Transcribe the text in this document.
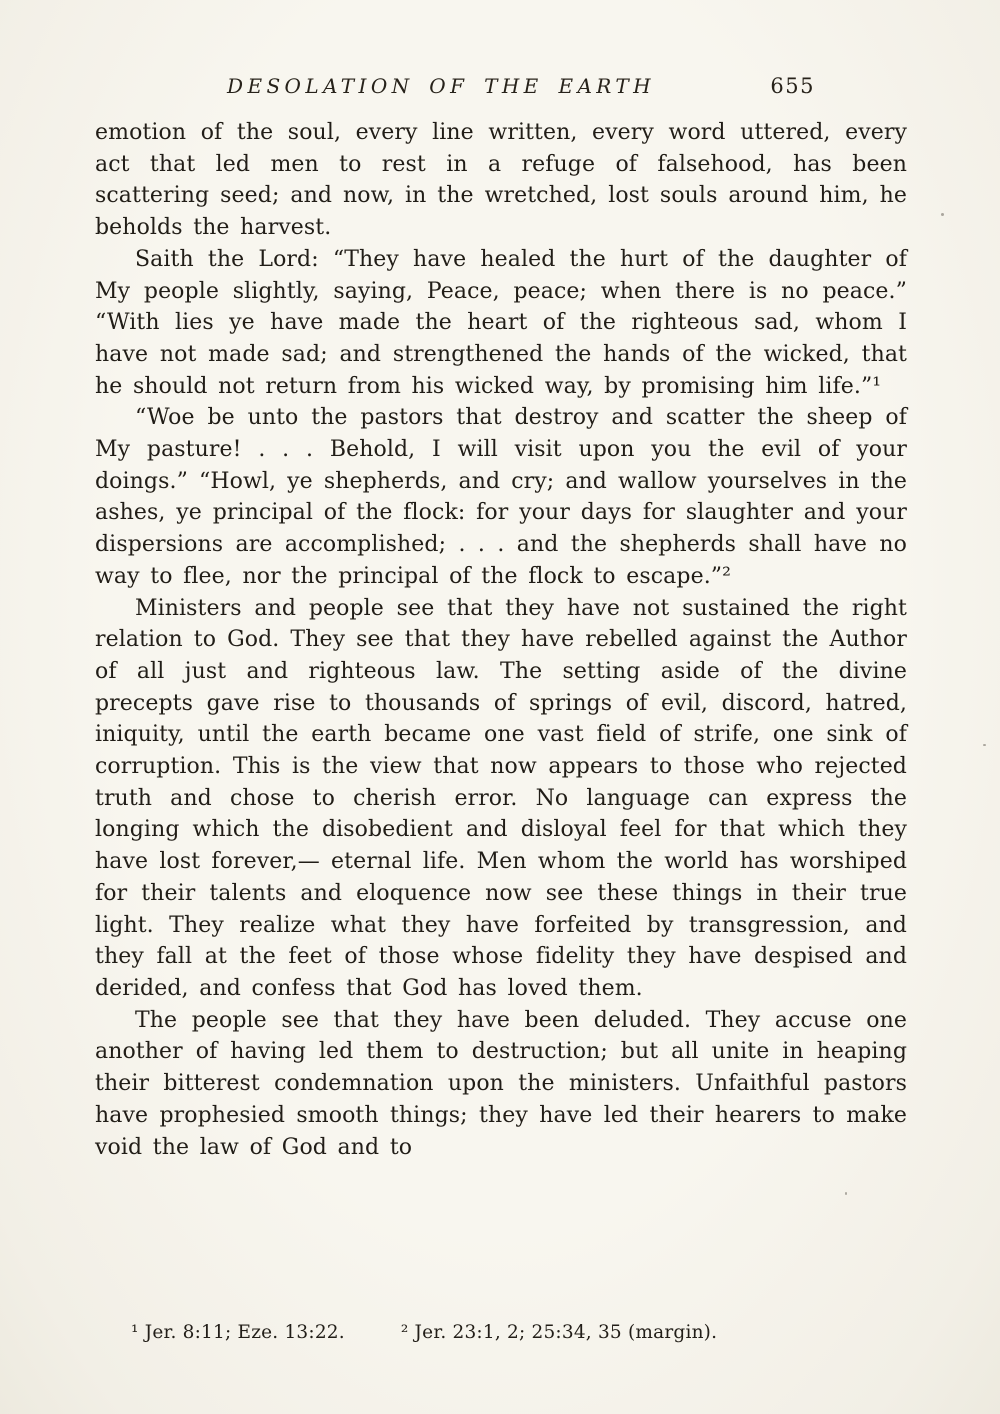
DESOLATION OF THE EARTH	655

emotion of the soul, every line written, every word uttered, every act that led men to rest in a refuge of falsehood, has been scattering seed; and now, in the wretched, lost souls around him, he beholds the harvest.

Saith the Lord: “They have healed the hurt of the daughter of My people slightly, saying, Peace, peace; when there is no peace.” “With lies ye have made the heart of the righteous sad, whom I have not made sad; and strengthened the hands of the wicked, that he should not return from his wicked way, by promising him life.”¹

“Woe be unto the pastors that destroy and scatter the sheep of My pasture! . . . Behold, I will visit upon you the evil of your doings.” “Howl, ye shepherds, and cry; and wallow yourselves in the ashes, ye principal of the flock: for your days for slaughter and your dispersions are accomplished; . . . and the shepherds shall have no way to flee, nor the principal of the flock to escape.”²

Ministers and people see that they have not sustained the right relation to God. They see that they have rebelled against the Author of all just and righteous law. The setting aside of the divine precepts gave rise to thousands of springs of evil, discord, hatred, iniquity, until the earth became one vast field of strife, one sink of corruption. This is the view that now appears to those who rejected truth and chose to cherish error. No language can express the longing which the disobedient and disloyal feel for that which they have lost forever,— eternal life. Men whom the world has worshiped for their talents and eloquence now see these things in their true light. They realize what they have forfeited by transgression, and they fall at the feet of those whose fidelity they have despised and derided, and confess that God has loved them.

The people see that they have been deluded. They accuse one another of having led them to destruction; but all unite in heaping their bitterest condemnation upon the ministers. Unfaithful pastors have prophesied smooth things; they have led their hearers to make void the law of God and to

¹ Jer. 8:11; Eze. 13:22.	² Jer. 23:1, 2; 25:34, 35 (margin).
